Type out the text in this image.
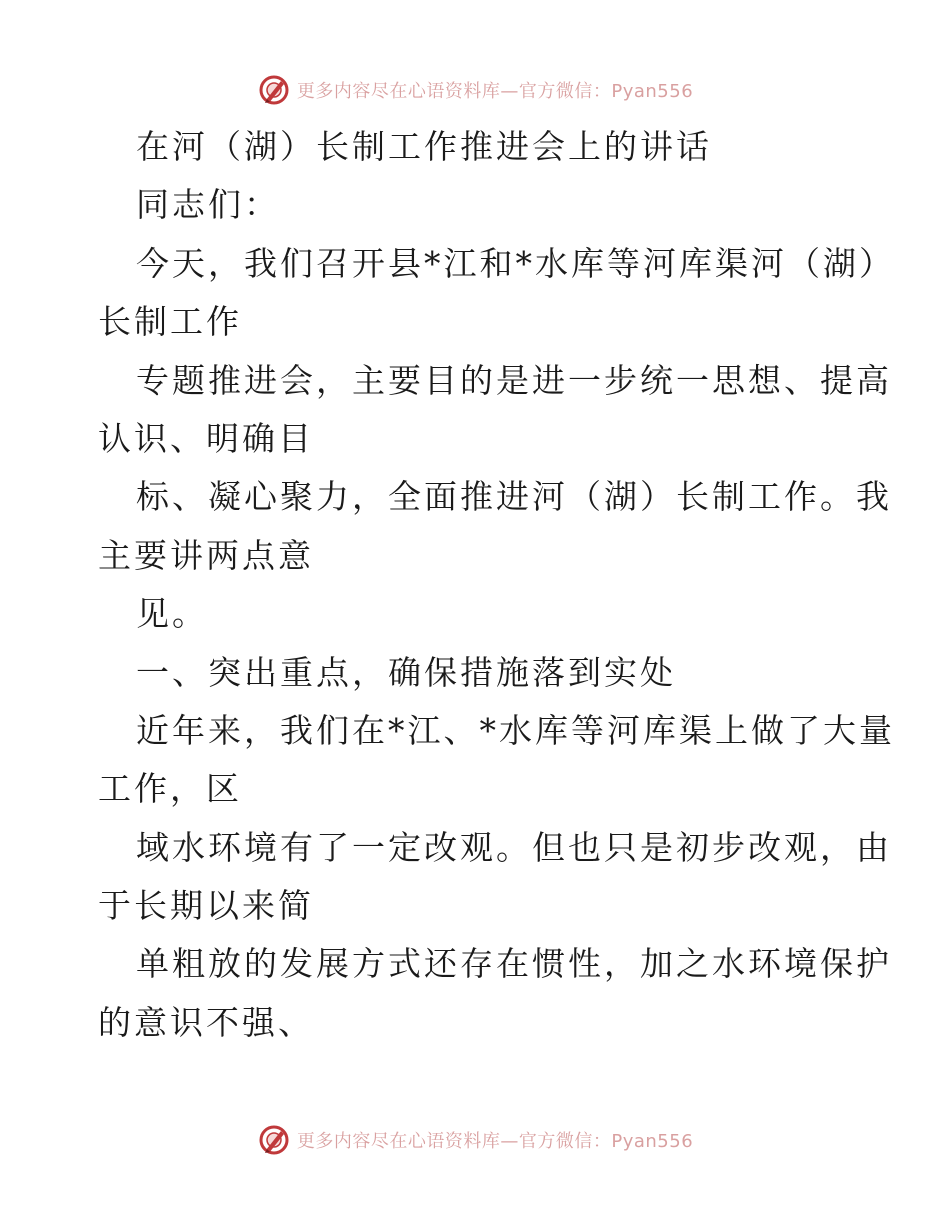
更多内容尽在心语资料库—官方微信：Pyan556
在河（湖）长制工作推进会上的讲话
同志们：
今天，我们召开县*江和*水库等河库渠河（湖）
长制工作
专题推进会，主要目的是进一步统一思想、提高
认识、明确目
标、凝心聚力，全面推进河（湖）长制工作。我
主要讲两点意
见。
一、突出重点，确保措施落到实处
近年来，我们在*江、*水库等河库渠上做了大量
工作，区
域水环境有了一定改观。但也只是初步改观，由
于长期以来简
单粗放的发展方式还存在惯性，加之水环境保护
的意识不强、
更多内容尽在心语资料库—官方微信：Pyan556
